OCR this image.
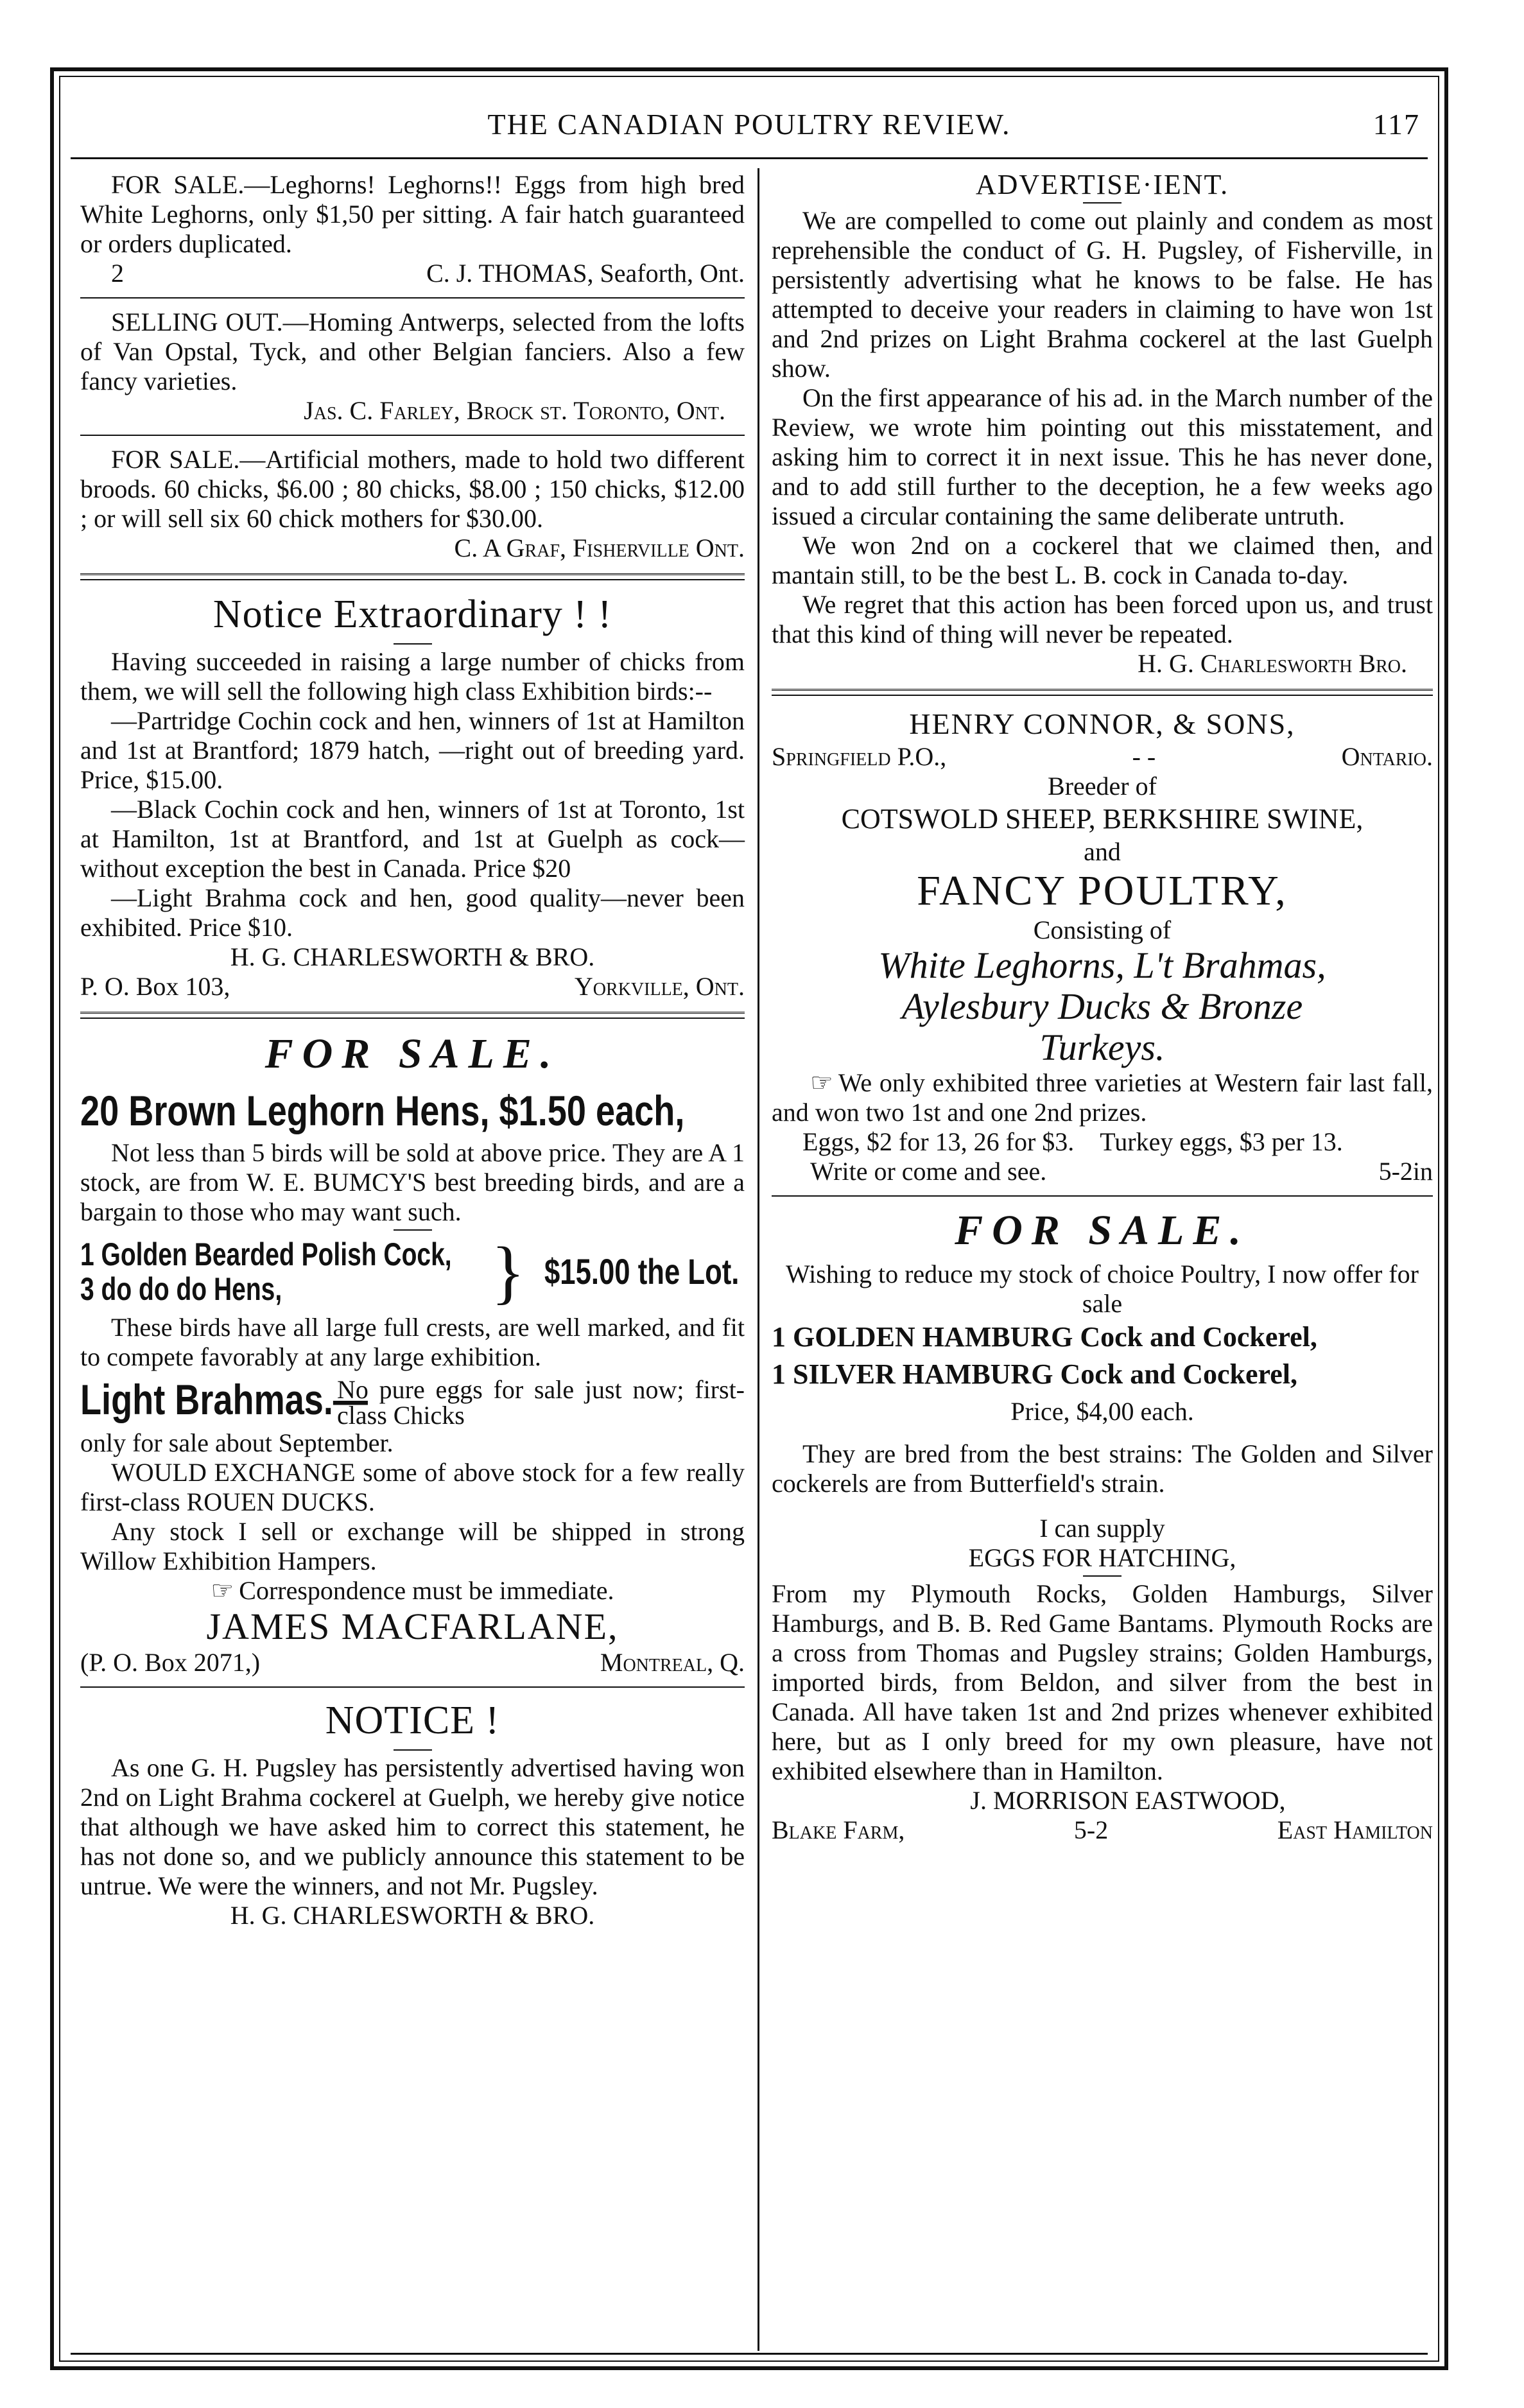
THE CANADIAN POULTRY REVIEW.	117

FOR SALE.—Leghorns! Leghorns!! Eggs from high bred White Leghorns, only $1,50 per sitting. A fair hatch guaranteed or orders duplicated.

2	C. J. THOMAS, Seaforth, Ont.

SELLING OUT.—Homing Antwerps, selected from the lofts of Van Opstal, Tyck, and other Belgian fanciers. Also a few fancy varieties.

Jas. C. Farley, Brock st. Toronto, Ont.

FOR SALE.—Artificial mothers, made to hold two different broods. 60 chicks, $6.00 ; 80 chicks, $8.00 ; 150 chicks, $12.00 ; or will sell six 60 chick mothers for $30.00.

C. A Graf, Fisherville Ont.

Notice Extraordinary ! !

Having succeeded in raising a large number of chicks from them, we will sell the following high class Exhibition birds:--

—Partridge Cochin cock and hen, winners of 1st at Hamilton and 1st at Brantford; 1879 hatch, —right out of breeding yard. Price, $15.00.

—Black Cochin cock and hen, winners of 1st at Toronto, 1st at Hamilton, 1st at Brantford, and 1st at Guelph as cock—without exception the best in Canada. Price $20

—Light Brahma cock and hen, good quality—never been exhibited. Price $10.

H. G. CHARLESWORTH & BRO.

P. O. Box 103,	Yorkville, Ont.
FOR SALE.
20 Brown Leghorn Hens, $1.50 each,

Not less than 5 birds will be sold at above price. They are A 1 stock, are from W. E. BUMCY'S best breeding birds, and are a bargain to those who may want such.

1 Golden Bearded Polish Cock,
3 do do do Hens,	} $15.00 the Lot.

These birds have all large full crests, are well marked, and fit to compete favorably at any large exhibition.

Light Brahmas.—
No pure eggs for sale just now; first-class Chicks

only for sale about September.

WOULD EXCHANGE some of above stock for a few really first-class ROUEN DUCKS.

Any stock I sell or exchange will be shipped in strong Willow Exhibition Hampers.

☞ Correspondence must be immediate.

JAMES MACFARLANE,
(P. O. Box 2071,)	Montreal, Q.
NOTICE !

As one G. H. Pugsley has persistently advertised having won 2nd on Light Brahma cockerel at Guelph, we hereby give notice that although we have asked him to correct this statement, he has not done so, and we publicly announce this statement to be untrue. We were the winners, and not Mr. Pugsley.

H. G. CHARLESWORTH & BRO.

ADVERTISE·IENT.

We are compelled to come out plainly and condem as most reprehensible the conduct of G. H. Pugsley, of Fisherville, in persistently advertising what he knows to be false. He has attempted to deceive your readers in claiming to have won 1st and 2nd prizes on Light Brahma cockerel at the last Guelph show.

On the first appearance of his ad. in the March number of the Review, we wrote him pointing out this misstatement, and asking him to correct it in next issue. This he has never done, and to add still further to the deception, he a few weeks ago issued a circular containing the same deliberate untruth.

We won 2nd on a cockerel that we claimed then, and mantain still, to be the best L. B. cock in Canada to-day.

We regret that this action has been forced upon us, and trust that this kind of thing will never be repeated.

H. G. Charlesworth Bro.

HENRY CONNOR, & SONS,
Springfield P.O.,	- -	Ontario.

Breeder of

COTSWOLD SHEEP, BERKSHIRE SWINE,

and

FANCY POULTRY,

Consisting of

White Leghorns, L't Brahmas,
Aylesbury Ducks & Bronze
Turkeys.

☞ We only exhibited three varieties at Western fair last fall, and won two 1st and one 2nd prizes.

Eggs, $2 for 13, 26 for $3. Turkey eggs, $3 per 13.

Write or come and see.	5-2in
FOR SALE.

Wishing to reduce my stock of choice Poultry, I now offer for sale

1 GOLDEN HAMBURG Cock and Cockerel,

1 SILVER HAMBURG Cock and Cockerel,

Price, $4,00 each.

They are bred from the best strains: The Golden and Silver cockerels are from Butterfield's strain.

I can supply

EGGS FOR HATCHING,

From my Plymouth Rocks, Golden Hamburgs, Silver Hamburgs, and B. B. Red Game Bantams. Plymouth Rocks are a cross from Thomas and Pugsley strains; Golden Hamburgs, imported birds, from Beldon, and silver from the best in Canada. All have taken 1st and 2nd prizes whenever exhibited here, but as I only breed for my own pleasure, have not exhibited elsewhere than in Hamilton.

J. MORRISON EASTWOOD,

Blake Farm,	5-2	East Hamilton
